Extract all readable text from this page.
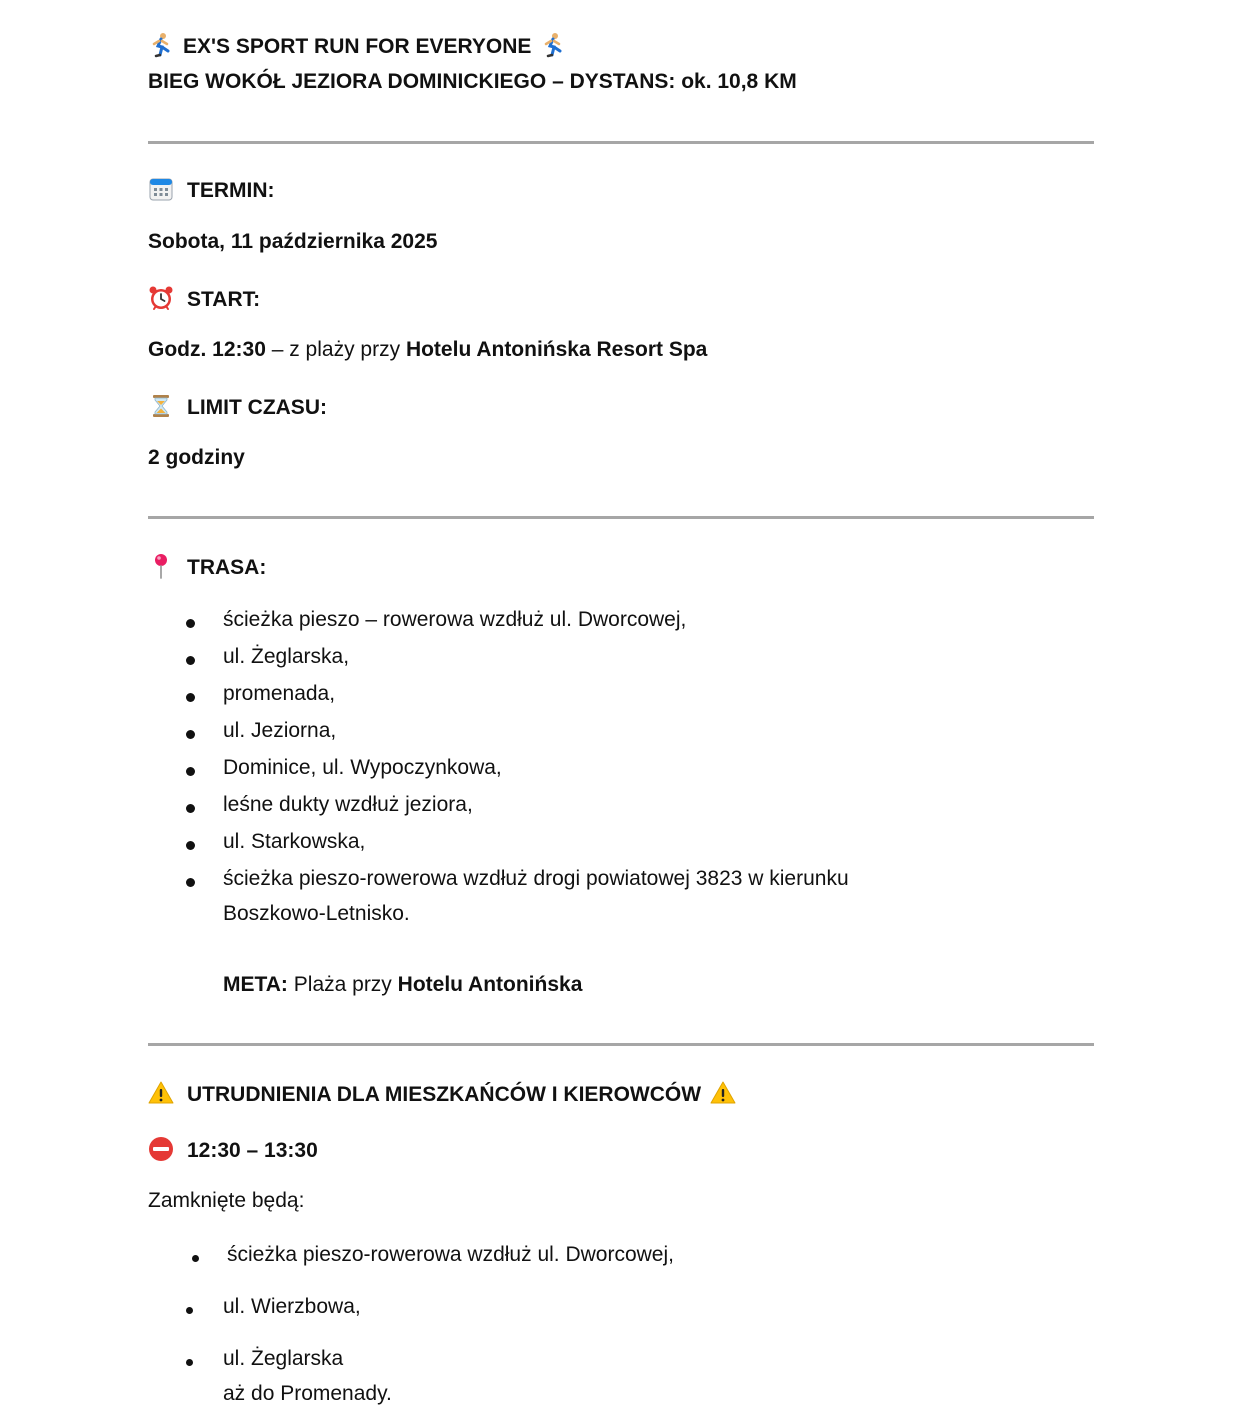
EX'S SPORT RUN FOR EVERYONE
BIEG WOKÓŁ JEZIORA DOMINICKIEGO – DYSTANS: ok. 10,8 KM
TERMIN:
Sobota, 11 października 2025
START:
Godz. 12:30 – z plaży przy Hotelu Antonińska Resort Spa
LIMIT CZASU:
2 godziny
TRASA:
ścieżka pieszo – rowerowa wzdłuż ul. Dworcowej,
ul. Żeglarska,
promenada,
ul. Jeziorna,
Dominice, ul. Wypoczynkowa,
leśne dukty wzdłuż jeziora,
ul. Starkowska,
ścieżka pieszo-rowerowa wzdłuż drogi powiatowej 3823 w kierunku
Boszkowo-Letnisko.
META: Plaża przy Hotelu Antonińska
UTRUDNIENIA DLA MIESZKAŃCÓW I KIEROWCÓW
12:30 – 13:30
Zamknięte będą:
ścieżka pieszo-rowerowa wzdłuż ul. Dworcowej,
ul. Wierzbowa,
ul. Żeglarska
aż do Promenady.
